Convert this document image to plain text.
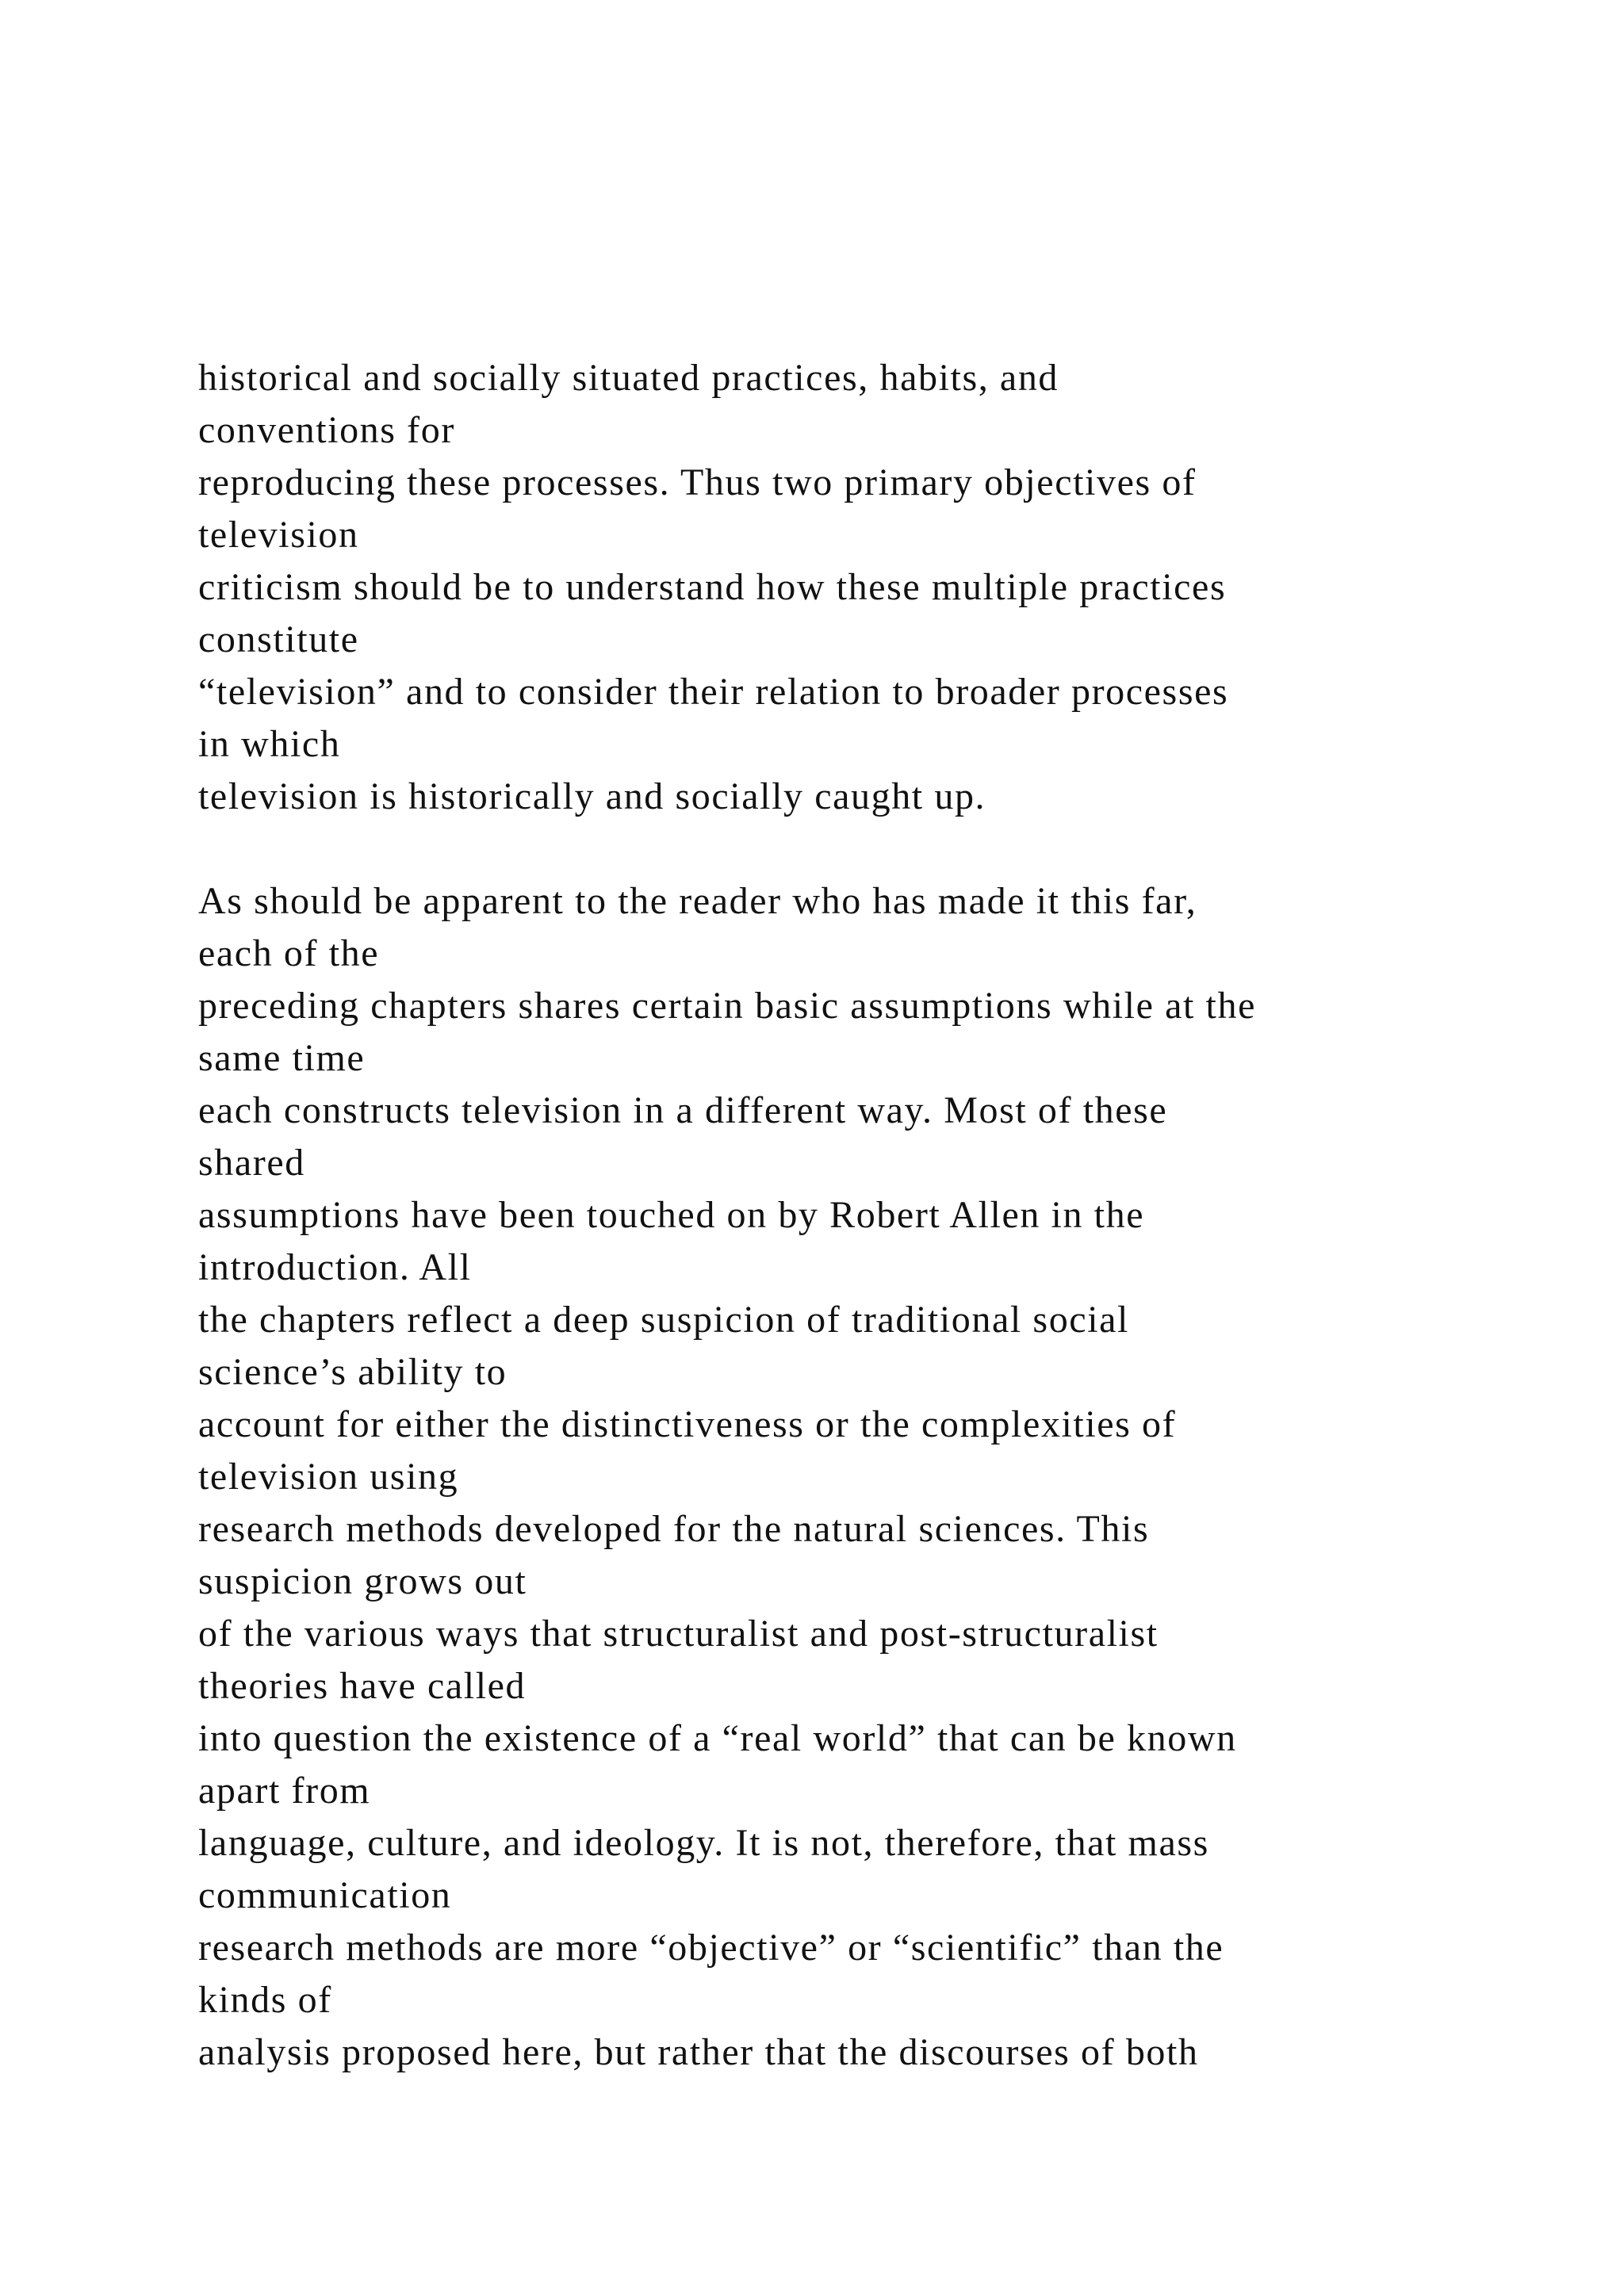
historical and socially situated practices, habits, and
conventions for
reproducing these processes. Thus two primary objectives of
television
criticism should be to understand how these multiple practices
constitute
“television” and to consider their relation to broader processes
in which
television is historically and socially caught up.
As should be apparent to the reader who has made it this far,
each of the
preceding chapters shares certain basic assumptions while at the
same time
each constructs television in a different way. Most of these
shared
assumptions have been touched on by Robert Allen in the
introduction. All
the chapters reflect a deep suspicion of traditional social
science’s ability to
account for either the distinctiveness or the complexities of
television using
research methods developed for the natural sciences. This
suspicion grows out
of the various ways that structuralist and post-structuralist
theories have called
into question the existence of a “real world” that can be known
apart from
language, culture, and ideology. It is not, therefore, that mass
communication
research methods are more “objective” or “scientific” than the
kinds of
analysis proposed here, but rather that the discourses of both
